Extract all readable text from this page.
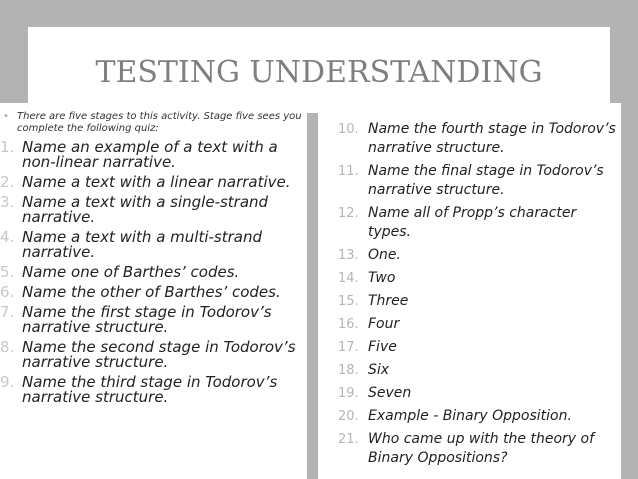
TESTING UNDERSTANDING
• There are five stages to this activity. Stage five sees you complete the following quiz:
1. Name an example of a text with a non-linear narrative.
2. Name a text with a linear narrative.
3. Name a text with a single-strand narrative.
4. Name a text with a multi-strand narrative.
5. Name one of Barthes’ codes.
6. Name the other of Barthes’ codes.
7. Name the first stage in Todorov’s narrative structure.
8. Name the second stage in Todorov’s narrative structure.
9. Name the third stage in Todorov’s narrative structure.
10. Name the fourth stage in Todorov’s narrative structure.
11. Name the final stage in Todorov’s narrative structure.
12. Name all of Propp’s character types.
13. One.
14. Two
15. Three
16. Four
17. Five
18. Six
19. Seven
20. Example - Binary Opposition.
21. Who came up with the theory of Binary Oppositions?
